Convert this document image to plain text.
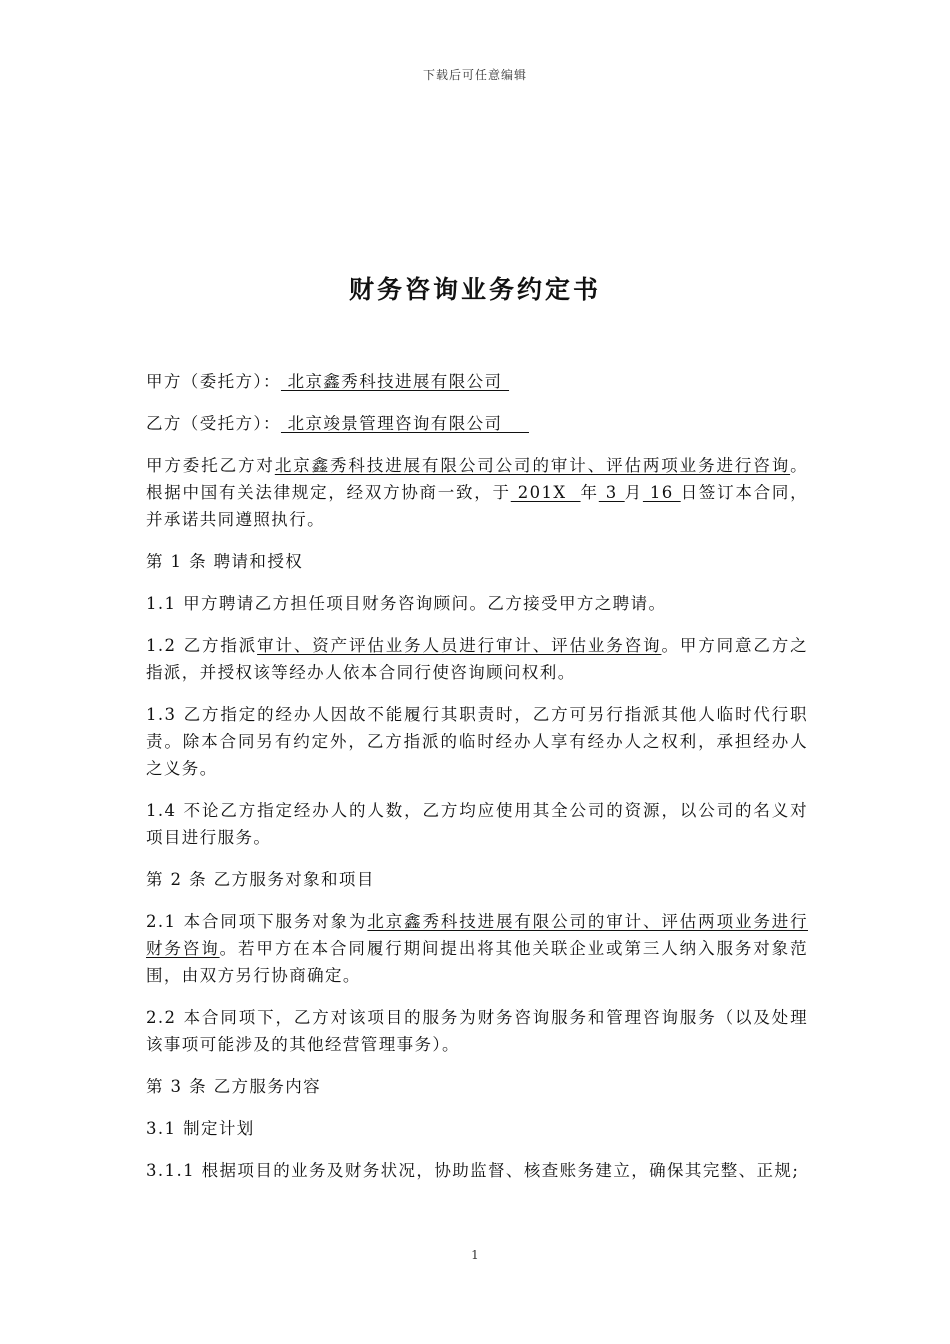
下载后可任意编辑
财务咨询业务约定书

甲方（委托方）： 北京鑫秀科技进展有限公司

乙方（受托方）： 北京竣景管理咨询有限公司

甲方委托乙方对北京鑫秀科技进展有限公司公司的审计、评估两项业务进行咨询。根据中国有关法律规定，经双方协商一致，于 201X  年 3 月 16 日签订本合同，并承诺共同遵照执行。

第 1 条 聘请和授权

1.1 甲方聘请乙方担任项目财务咨询顾问。乙方接受甲方之聘请。

1.2 乙方指派审计、资产评估业务人员进行审计、评估业务咨询。甲方同意乙方之指派，并授权该等经办人依本合同行使咨询顾问权利。

1.3 乙方指定的经办人因故不能履行其职责时，乙方可另行指派其他人临时代行职责。除本合同另有约定外，乙方指派的临时经办人享有经办人之权利，承担经办人之义务。

1.4 不论乙方指定经办人的人数，乙方均应使用其全公司的资源，以公司的名义对项目进行服务。

第 2 条 乙方服务对象和项目

2.1 本合同项下服务对象为北京鑫秀科技进展有限公司的审计、评估两项业务进行财务咨询。若甲方在本合同履行期间提出将其他关联企业或第三人纳入服务对象范围，由双方另行协商确定。

2.2 本合同项下，乙方对该项目的服务为财务咨询服务和管理咨询服务（以及处理该事项可能涉及的其他经营管理事务）。

第 3 条 乙方服务内容

3.1 制定计划

3.1.1 根据项目的业务及财务状况，协助监督、核查账务建立，确保其完整、正规;

1
